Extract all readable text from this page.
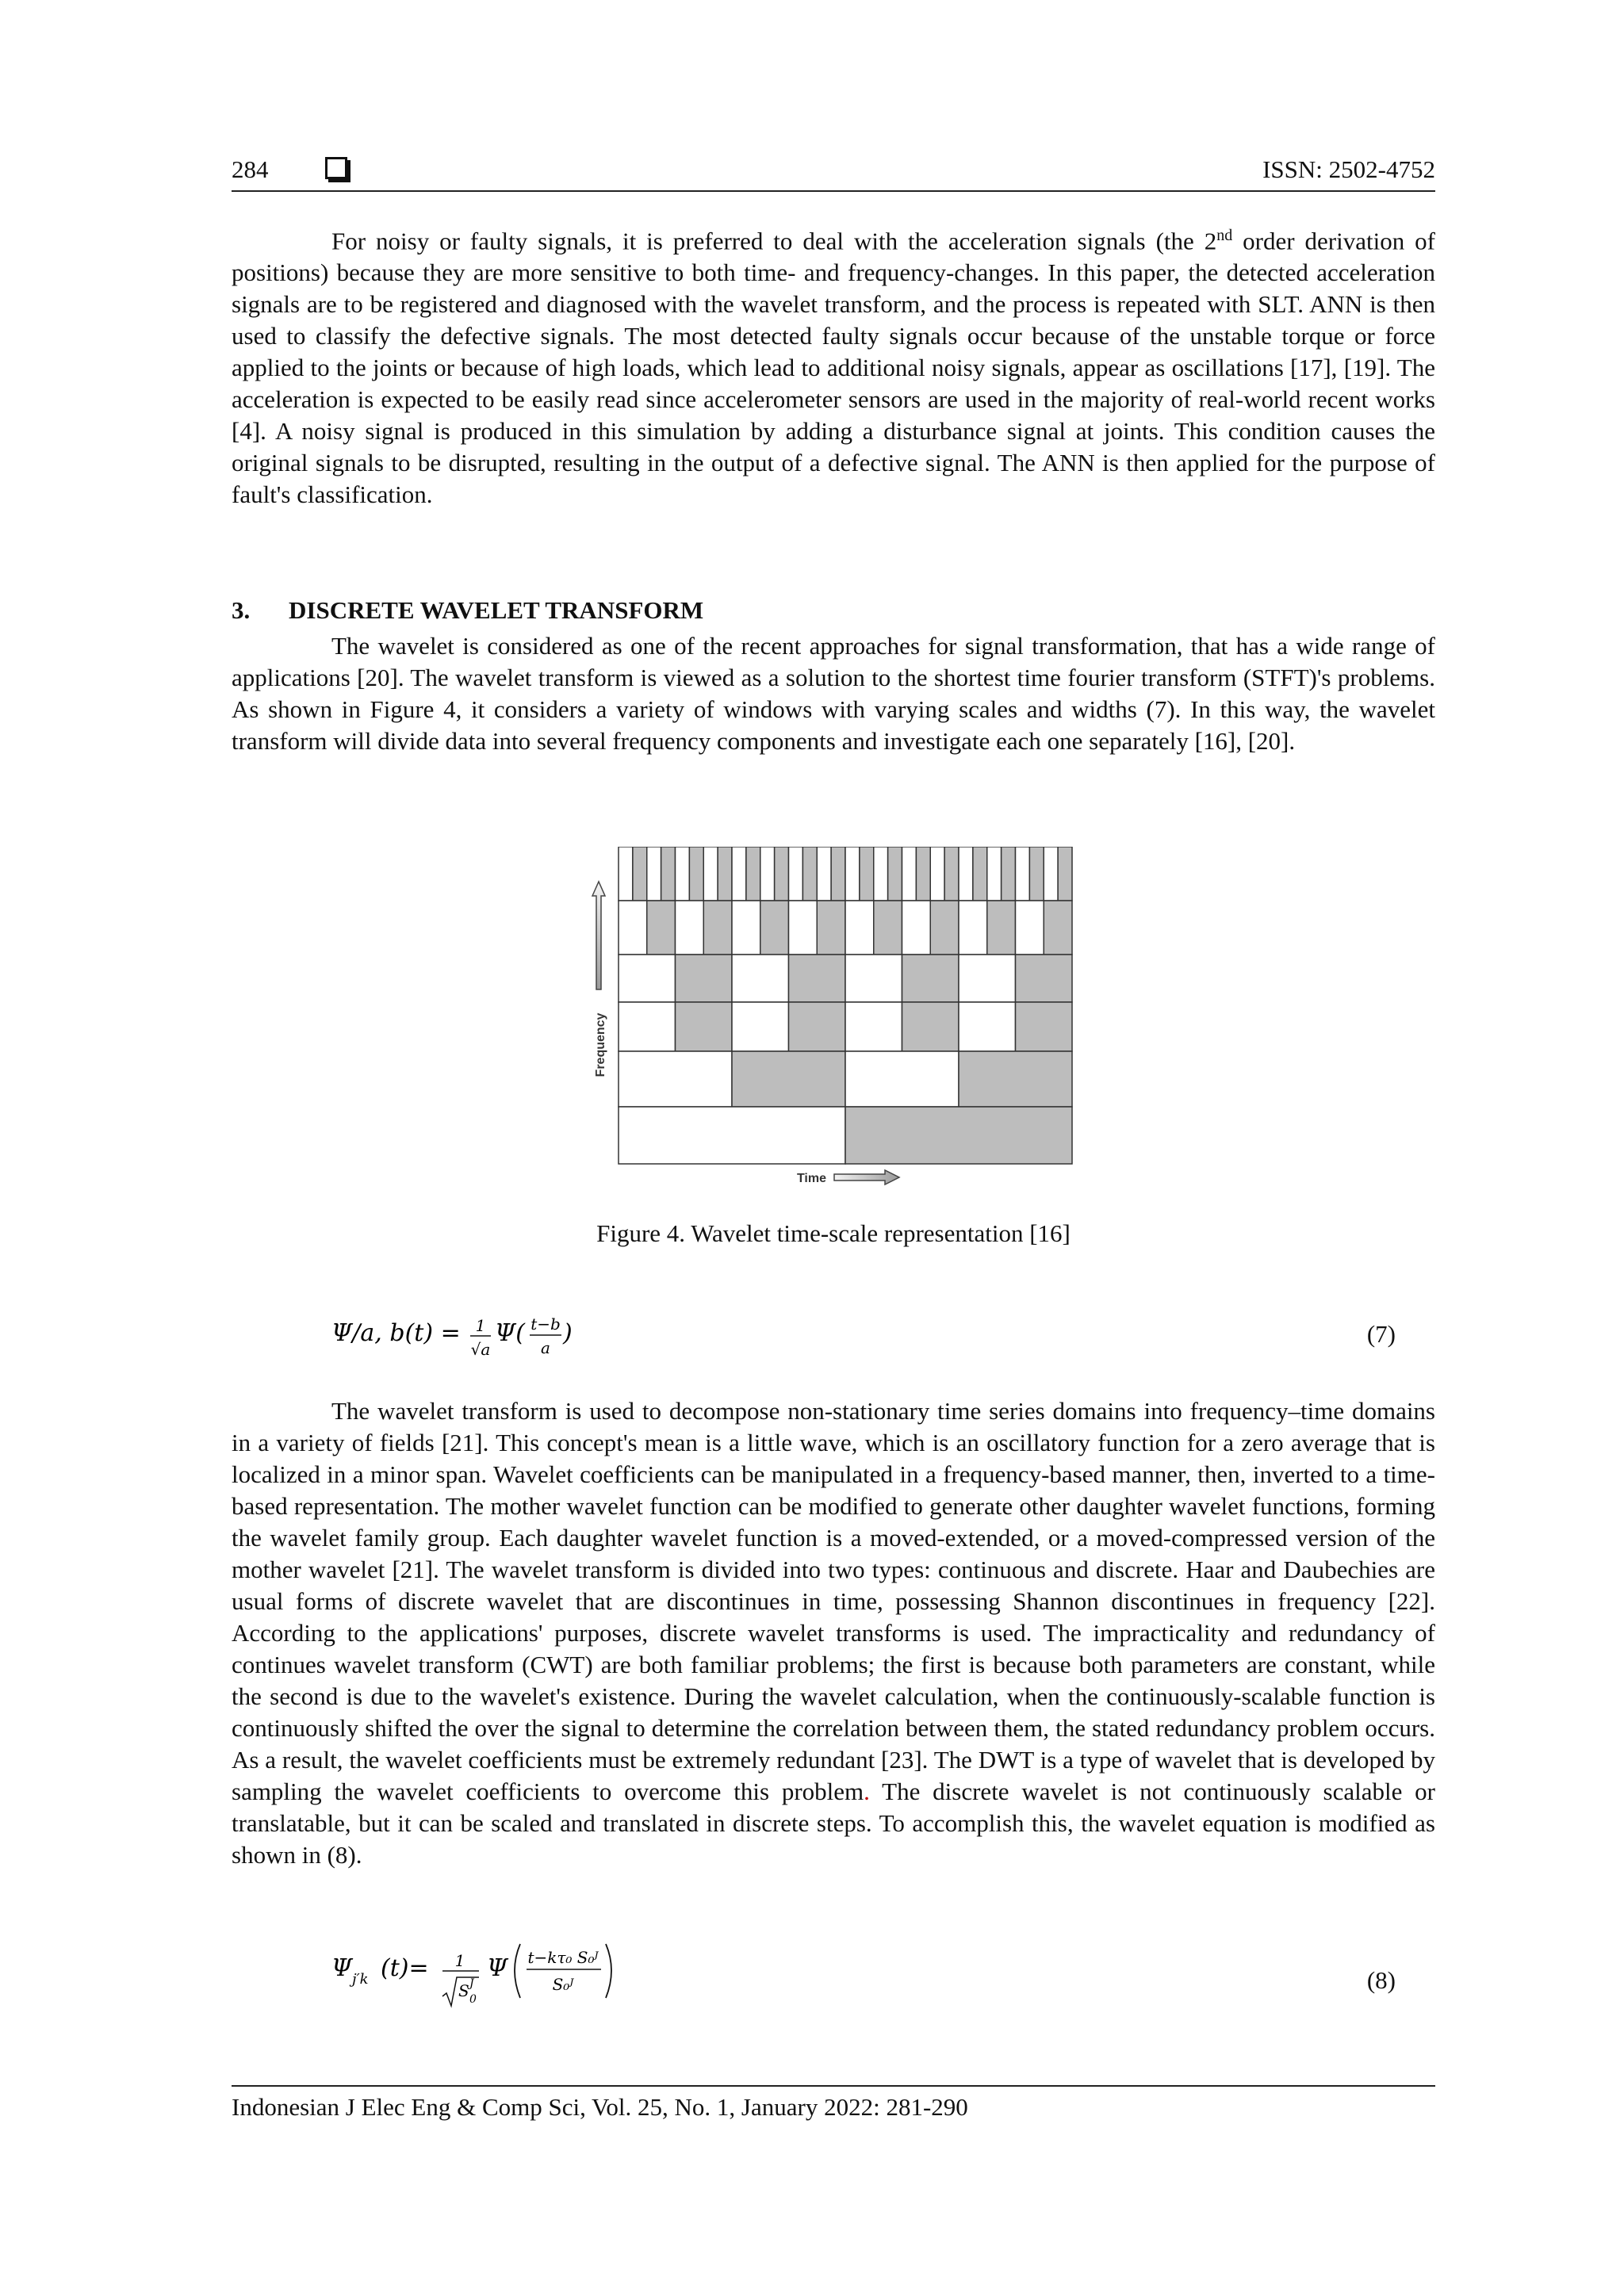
284	ISSN: 2502-4752
For noisy or faulty signals, it is preferred to deal with the acceleration signals (the 2nd order derivation of positions) because they are more sensitive to both time- and frequency-changes. In this paper, the detected acceleration signals are to be registered and diagnosed with the wavelet transform, and the process is repeated with SLT. ANN is then used to classify the defective signals. The most detected faulty signals occur because of the unstable torque or force applied to the joints or because of high loads, which lead to additional noisy signals, appear as oscillations [17], [19]. The acceleration is expected to be easily read since accelerometer sensors are used in the majority of real-world recent works [4]. A noisy signal is produced in this simulation by adding a disturbance signal at joints. This condition causes the original signals to be disrupted, resulting in the output of a defective signal. The ANN is then applied for the purpose of fault's classification.
3. DISCRETE WAVELET TRANSFORM
The wavelet is considered as one of the recent approaches for signal transformation, that has a wide range of applications [20]. The wavelet transform is viewed as a solution to the shortest time fourier transform (STFT)'s problems. As shown in Figure 4, it considers a variety of windows with varying scales and widths (7). In this way, the wavelet transform will divide data into several frequency components and investigate each one separately [16], [20].
Frequency
Time
Figure 4. Wavelet time-scale representation [16]
Ψ/a, b(t) = 1
√a
Ψ( t−b
a
)	(7)
The wavelet transform is used to decompose non-stationary time series domains into frequency–time domains in a variety of fields [21]. This concept's mean is a little wave, which is an oscillatory function for a zero average that is localized in a minor span. Wavelet coefficients can be manipulated in a frequency-based manner, then, inverted to a time-based representation. The mother wavelet function can be modified to generate other daughter wavelet functions, forming the wavelet family group. Each daughter wavelet function is a moved-extended, or a moved-compressed version of the mother wavelet [21]. The wavelet transform is divided into two types: continuous and discrete. Haar and Daubechies are usual forms of discrete wavelet that are discontinues in time, possessing Shannon discontinues in frequency [22]. According to the applications' purposes, discrete wavelet transforms is used. The impracticality and redundancy of continues wavelet transform (CWT) are both familiar problems; the first is because both parameters are constant, while the second is due to the wavelet's existence. During the wavelet calculation, when the continuously-scalable function is continuously shifted the over the signal to determine the correlation between them, the stated redundancy problem occurs. As a result, the wavelet coefficients must be extremely redundant [23]. The DWT is a type of wavelet that is developed by sampling the wavelet coefficients to overcome this problem. The discrete wavelet is not continuously scalable or translatable, but it can be scaled and translated in discrete steps. To accomplish this, the wavelet equation is modified as shown in (8).
Ψ j′k (t)= 1
S J
0
Ψ t−kτ₀ S₀ᴶ
S₀ᴶ	(8)
Indonesian J Elec Eng & Comp Sci, Vol. 25, No. 1, January 2022: 281-290
